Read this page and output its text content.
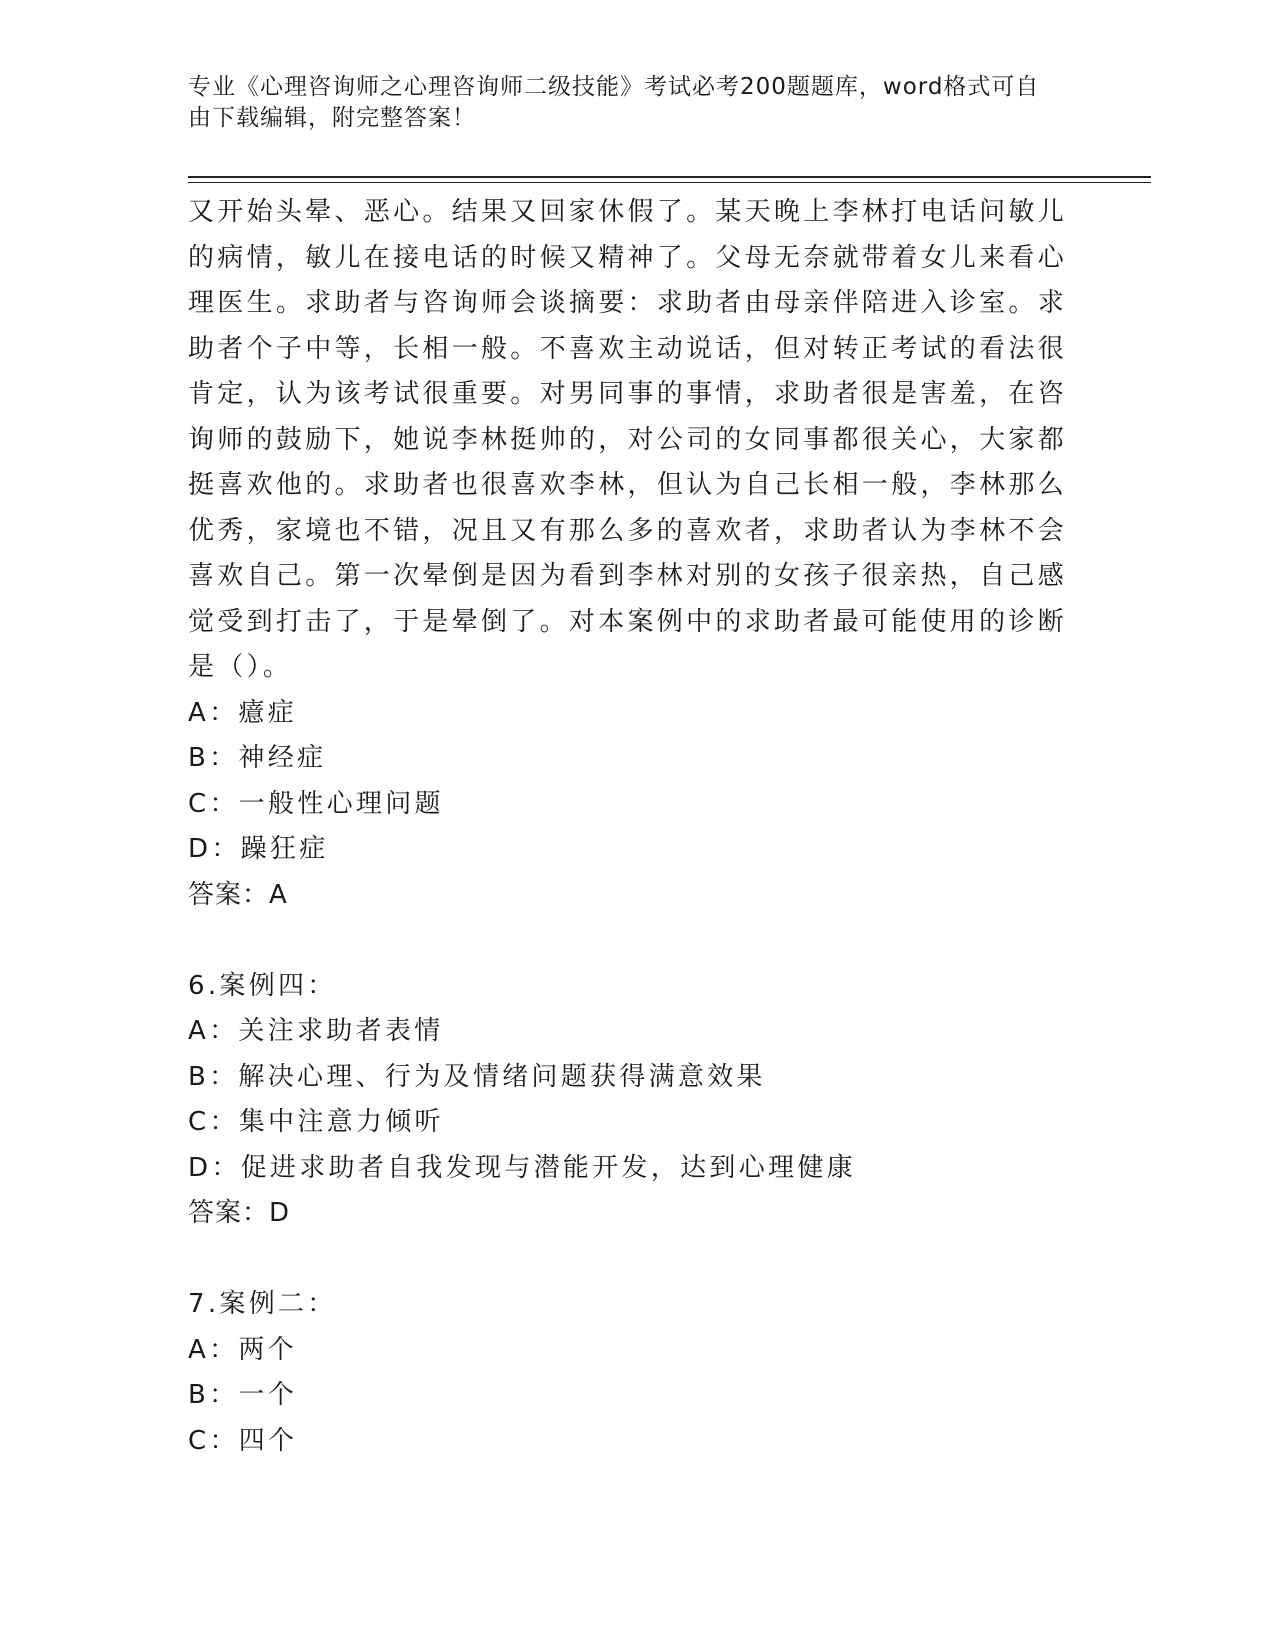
专业《心理咨询师之心理咨询师二级技能》考试必考200题题库，word格式可自
由下载编辑，附完整答案！
又开始头晕、恶心。结果又回家休假了。某天晚上李林打电话问敏儿
的病情，敏儿在接电话的时候又精神了。父母无奈就带着女儿来看心
理医生。求助者与咨询师会谈摘要：求助者由母亲伴陪进入诊室。求
助者个子中等，长相一般。不喜欢主动说话，但对转正考试的看法很
肯定，认为该考试很重要。对男同事的事情，求助者很是害羞，在咨
询师的鼓励下，她说李林挺帅的，对公司的女同事都很关心，大家都
挺喜欢他的。求助者也很喜欢李林，但认为自己长相一般，李林那么
优秀，家境也不错，况且又有那么多的喜欢者，求助者认为李林不会
喜欢自己。第一次晕倒是因为看到李林对别的女孩子很亲热，自己感
觉受到打击了，于是晕倒了。对本案例中的求助者最可能使用的诊断
是（）。
A：癔症
B：神经症
C：一般性心理问题
D：躁狂症
答案：A
6.案例四：
A：关注求助者表情
B：解决心理、行为及情绪问题获得满意效果
C：集中注意力倾听
D：促进求助者自我发现与潜能开发，达到心理健康
答案：D
7.案例二：
A：两个
B：一个
C：四个
